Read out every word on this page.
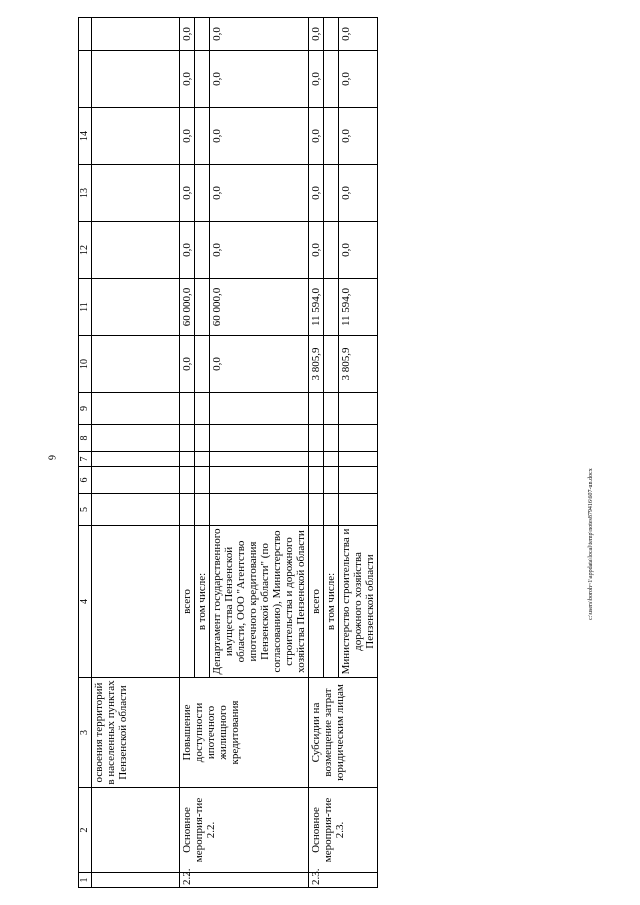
6
1	2	3	4	5	6	7	8	9	10	11	12	13	14		
		освоения территорий в населенных пунктах Пензенской области													
2.2.	Основное мероприя-тие 2.2.	Повышение доступности ипотечного жилищного кредитования	всего						0,0	60 000,0	0,0	0,0	0,0	0,0	0,0
			в том числе:												
			Департамент государственного имущества Пензенской области, ООО "Агентство ипотечного кредитования Пензенской области" (по согласованию), Министерство строительства и дорожного хозяйства Пензенской области						0,0	60 000,0	0,0	0,0	0,0	0,0	0,0
2.3.	Основное мероприя-тие 2.3.	Субсидии на возмещение затрат юридическим лицам	всего						3 805,9	11 594,0	0,0	0,0	0,0	0,0	0,0
			в том числе:												
			Министерство строительства и дорожного хозяйства Пензенской области						3 805,9	11 594,0	0,0	0,0	0,0	0,0	0,0
c:\users\boroh~1\appdata\local\temp\notes879416\607-un.docx
